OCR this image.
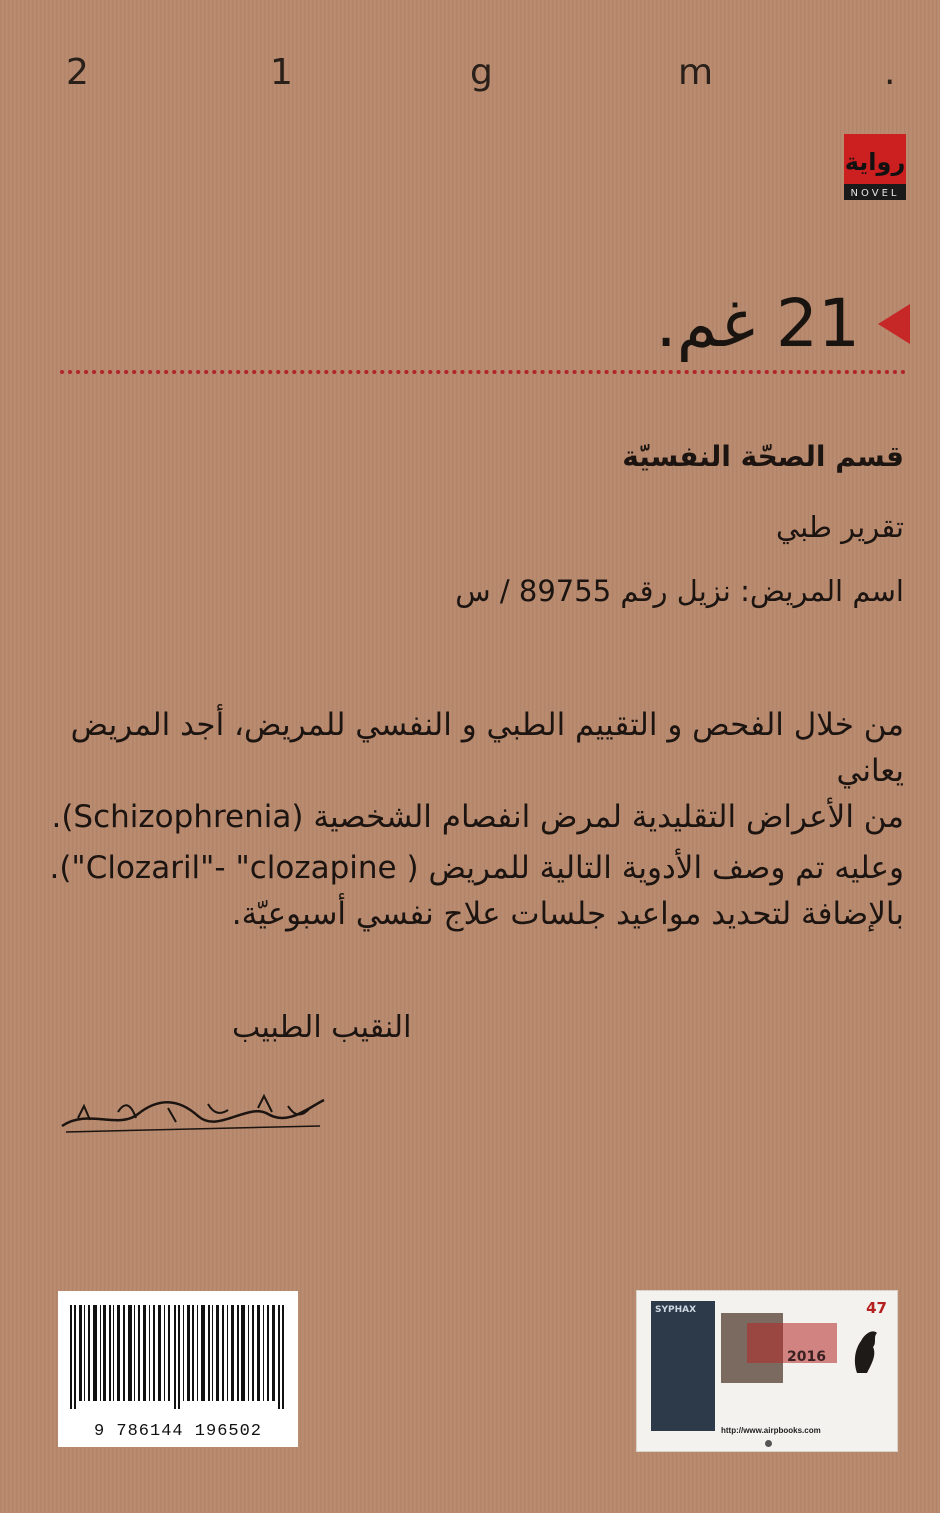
2	1	g	m	.
رواية
NOVEL
21 غم.
قسم الصحّة النفسيّة
تقرير طبي
اسم المريض: نزيل رقم 89755 / س
من خلال الفحص و التقييم الطبي و النفسي للمريض، أجد المريض يعاني
من الأعراض التقليدية لمرض انفصام الشخصية (Schizophrenia).
وعليه تم وصف الأدوية التالية للمريض ( Clozaril"- "clozapine").
بالإضافة لتحديد مواعيد جلسات علاج نفسي أسبوعيّة.
النقيب الطبيب
9 786144 196502
SYPHAX	47
2016
http://www.airpbooks.com
